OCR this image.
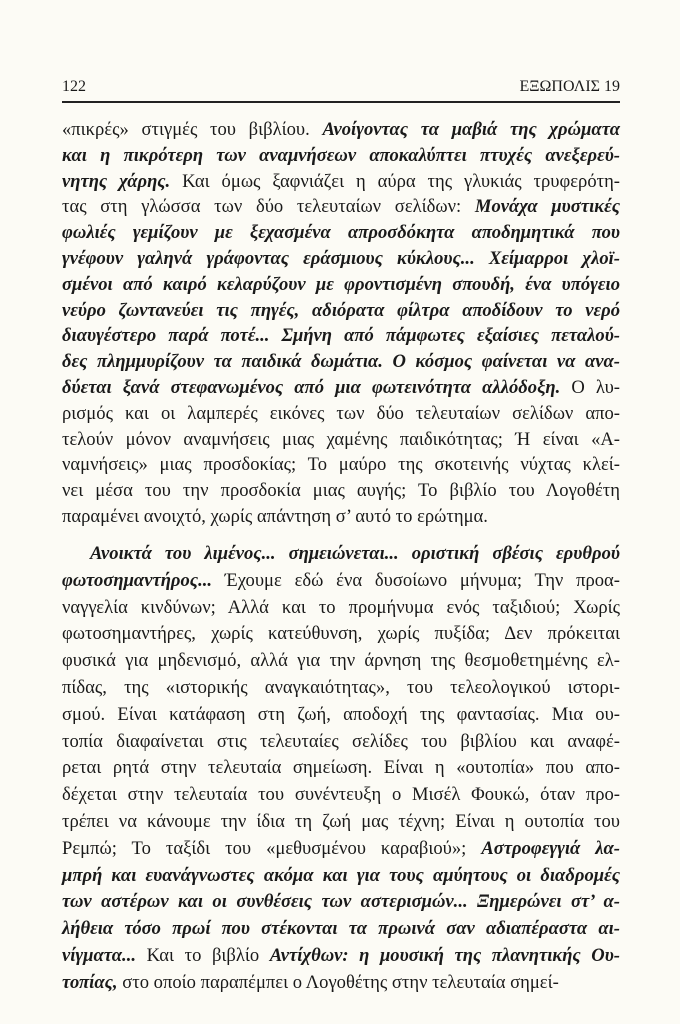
122	ΕΞΩΠΟΛΙΣ 19
«πικρές» στιγμές του βιβλίου. Ανοίγοντας τα μαβιά της χρώματα
και η πικρότερη των αναμνήσεων αποκαλύπτει πτυχές ανεξερεύ-
νητης χάρης. Και όμως ξαφνιάζει η αύρα της γλυκιάς τρυφερότη-
τας στη γλώσσα των δύο τελευταίων σελίδων: Μονάχα μυστικές
φωλιές γεμίζουν με ξεχασμένα απροσδόκητα αποδημητικά που
γνέφουν γαληνά γράφοντας εράσμιους κύκλους... Χείμαρροι χλοϊ-
σμένοι από καιρό κελαρύζουν με φροντισμένη σπουδή, ένα υπόγειο
νεύρο ζωντανεύει τις πηγές, αδιόρατα φίλτρα αποδίδουν το νερό
διαυγέστερο παρά ποτέ... Σμήνη από πάμφωτες εξαίσιες πεταλού-
δες πλημμυρίζουν τα παιδικά δωμάτια. Ο κόσμος φαίνεται να ανα-
δύεται ξανά στεφανωμένος από μια φωτεινότητα αλλόδοξη. Ο λυ-
ρισμός και οι λαμπερές εικόνες των δύο τελευταίων σελίδων απο-
τελούν μόνον αναμνήσεις μιας χαμένης παιδικότητας; Ή είναι «Α-
ναμνήσεις» μιας προσδοκίας; Το μαύρο της σκοτεινής νύχτας κλεί-
νει μέσα του την προσδοκία μιας αυγής; Το βιβλίο του Λογοθέτη
παραμένει ανοιχτό, χωρίς απάντηση σ’ αυτό το ερώτημα.
Ανοικτά του λιμένος... σημειώνεται... οριστική σβέσις ερυθρού
φωτοσημαντήρος... Έχουμε εδώ ένα δυσοίωνο μήνυμα; Την προα-
ναγγελία κινδύνων; Αλλά και το προμήνυμα ενός ταξιδιού; Χωρίς
φωτοσημαντήρες, χωρίς κατεύθυνση, χωρίς πυξίδα; Δεν πρόκειται
φυσικά για μηδενισμό, αλλά για την άρνηση της θεσμοθετημένης ελ-
πίδας, της «ιστορικής αναγκαιότητας», του τελεολογικού ιστορι-
σμού. Είναι κατάφαση στη ζωή, αποδοχή της φαντασίας. Μια ου-
τοπία διαφαίνεται στις τελευταίες σελίδες του βιβλίου και αναφέ-
ρεται ρητά στην τελευταία σημείωση. Είναι η «ουτοπία» που απο-
δέχεται στην τελευταία του συνέντευξη ο Μισέλ Φουκώ, όταν προ-
τρέπει να κάνουμε την ίδια τη ζωή μας τέχνη; Είναι η ουτοπία του
Ρεμπώ; Το ταξίδι του «μεθυσμένου καραβιού»; Αστροφεγγιά λα-
μπρή και ευανάγνωστες ακόμα και για τους αμύητους οι διαδρομές
των αστέρων και οι συνθέσεις των αστερισμών... Ξημερώνει στ’ α-
λήθεια τόσο πρωί που στέκονται τα πρωινά σαν αδιαπέραστα αι-
νίγματα... Και το βιβλίο Αντίχθων: η μουσική της πλανητικής Ου-
τοπίας, στο οποίο παραπέμπει ο Λογοθέτης στην τελευταία σημεί-
